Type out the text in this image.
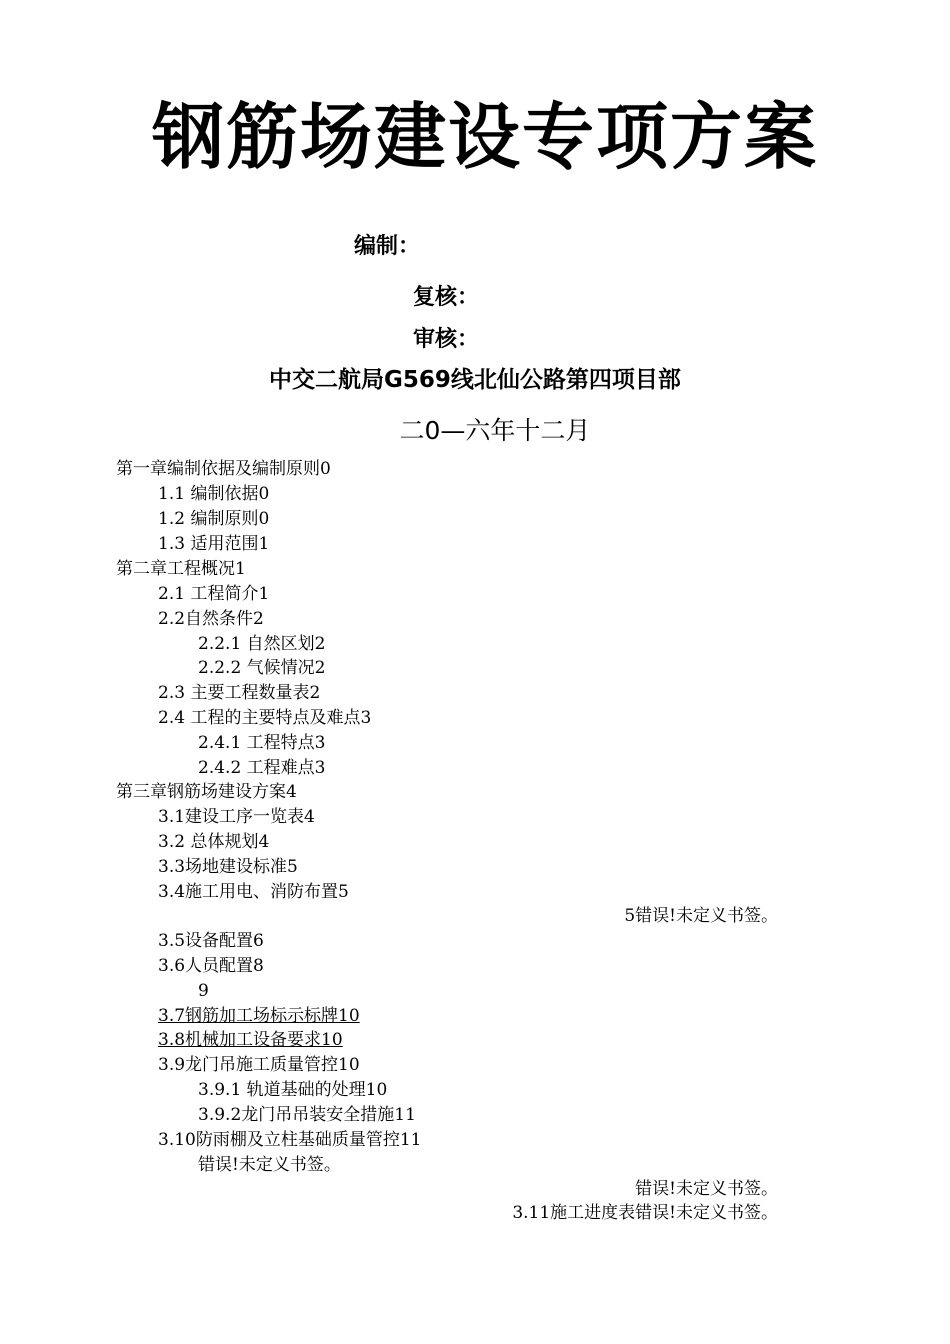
钢筋场建设专项方案
编制：
复核：
审核：
中交二航局G569线北仙公路第四项目部
二0—六年十二月
第一章编制依据及编制原则0
1.1 编制依据0
1.2 编制原则0
1.3 适用范围1
第二章工程概况1
2.1 工程简介1
2.2自然条件2
2.2.1 自然区划2
2.2.2 气候情况2
2.3 主要工程数量表2
2.4 工程的主要特点及难点3
2.4.1 工程特点3
2.4.2 工程难点3
第三章钢筋场建设方案4
3.1建设工序一览表4
3.2 总体规划4
3.3场地建设标准5
3.4施工用电、消防布置5
5错误!未定义书签。
3.5设备配置6
3.6人员配置8
9
3.7钢筋加工场标示标牌10
3.8机械加工设备要求10
3.9龙门吊施工质量管控10
3.9.1 轨道基础的处理10
3.9.2龙门吊吊装安全措施11
3.10防雨棚及立柱基础质量管控11
错误!未定义书签。
错误!未定义书签。
3.11施工进度表错误!未定义书签。
